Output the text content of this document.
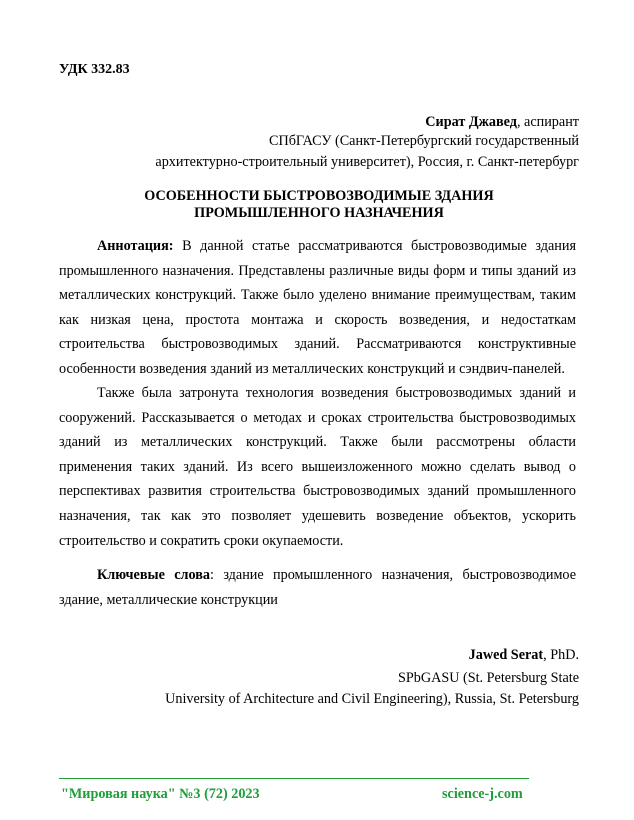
УДК 332.83
Сират Джавед, аспирант
СПбГАСУ (Санкт-Петербургский государственный
архитектурно-строительный университет), Россия, г. Санкт-петербург
ОСОБЕННОСТИ БЫСТРОВОЗВОДИМЫЕ ЗДАНИЯ
ПРОМЫШЛЕННОГО НАЗНАЧЕНИЯ
Аннотация: В данной статье рассматриваются быстровозводимые здания промышленного назначения. Представлены различные виды форм и типы зданий из металлических конструкций. Также было уделено внимание преимуществам, таким как низкая цена, простота монтажа и скорость возведения, и недостаткам строительства быстровозводимых зданий. Рассматриваются конструктивные особенности возведения зданий из металлических конструкций и сэндвич-панелей.
Также была затронута технология возведения быстровозводимых зданий и сооружений. Рассказывается о методах и сроках строительства быстровозводимых зданий из металлических конструкций. Также были рассмотрены области применения таких зданий. Из всего вышеизложенного можно сделать вывод о перспективах развития строительства быстровозводимых зданий промышленного назначения, так как это позволяет удешевить возведение объектов, ускорить строительство и сократить сроки окупаемости.
Ключевые слова: здание промышленного назначения, быстровозводимое здание, металлические конструкции
Jawed Serat, PhD.
SPbGASU (St. Petersburg State
University of Architecture and Civil Engineering), Russia, St. Petersburg
"Мировая наука" №3 (72) 2023	science-j.com
